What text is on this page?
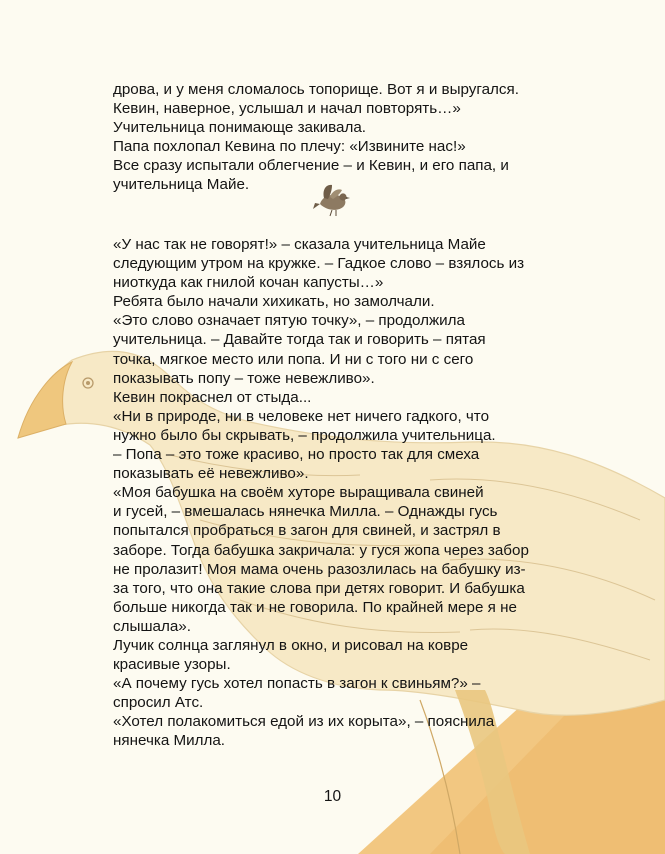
дрова, и у меня сломалось топорище. Вот я и выругался.
Кевин, наверное, услышал и начал повторять…»

Учительница понимающе закивала.

Папа похлопал Кевина по плечу: «Извините нас!»

Все сразу испытали облегчение – и Кевин, и его папа, и
учительница Майе.

«У нас так не говорят!» – сказала учительница Майе
следующим утром на кружке. – Гадкое слово – взялось из
ниоткуда как гнилой кочан капусты…»

Ребята было начали хихикать, но замолчали.

«Это слово означает пятую точку», – продолжила
учительница. – Давайте тогда так и говорить – пятая
точка, мягкое место или попа. И ни с того ни с сего
показывать попу – тоже невежливо».

Кевин покраснел от стыда...

«Ни в природе, ни в человеке нет ничего гадкого, что
нужно было бы скрывать, – продолжила учительница.
– Попа – это тоже красиво, но просто так для смеха
показывать её невежливо».

«Моя бабушка на своём хуторе выращивала свиней
и гусей, – вмешалась нянечка Милла. – Однажды гусь
попытался пробраться в загон для свиней, и застрял в
заборе. Тогда бабушка закричала: у гуся жопа через забор
не пролазит! Моя мама очень разозлилась на бабушку из-
за того, что она такие слова при детях говорит. И бабушка
больше никогда так и не говорила. По крайней мере я не
слышала».

Лучик солнца заглянул в окно, и рисовал на ковре
красивые узоры.

«А почему гусь хотел попасть в загон к свиньям?» –
спросил Атс.

«Хотел полакомиться едой из их корыта», – пояснила
нянечка Милла.

10
